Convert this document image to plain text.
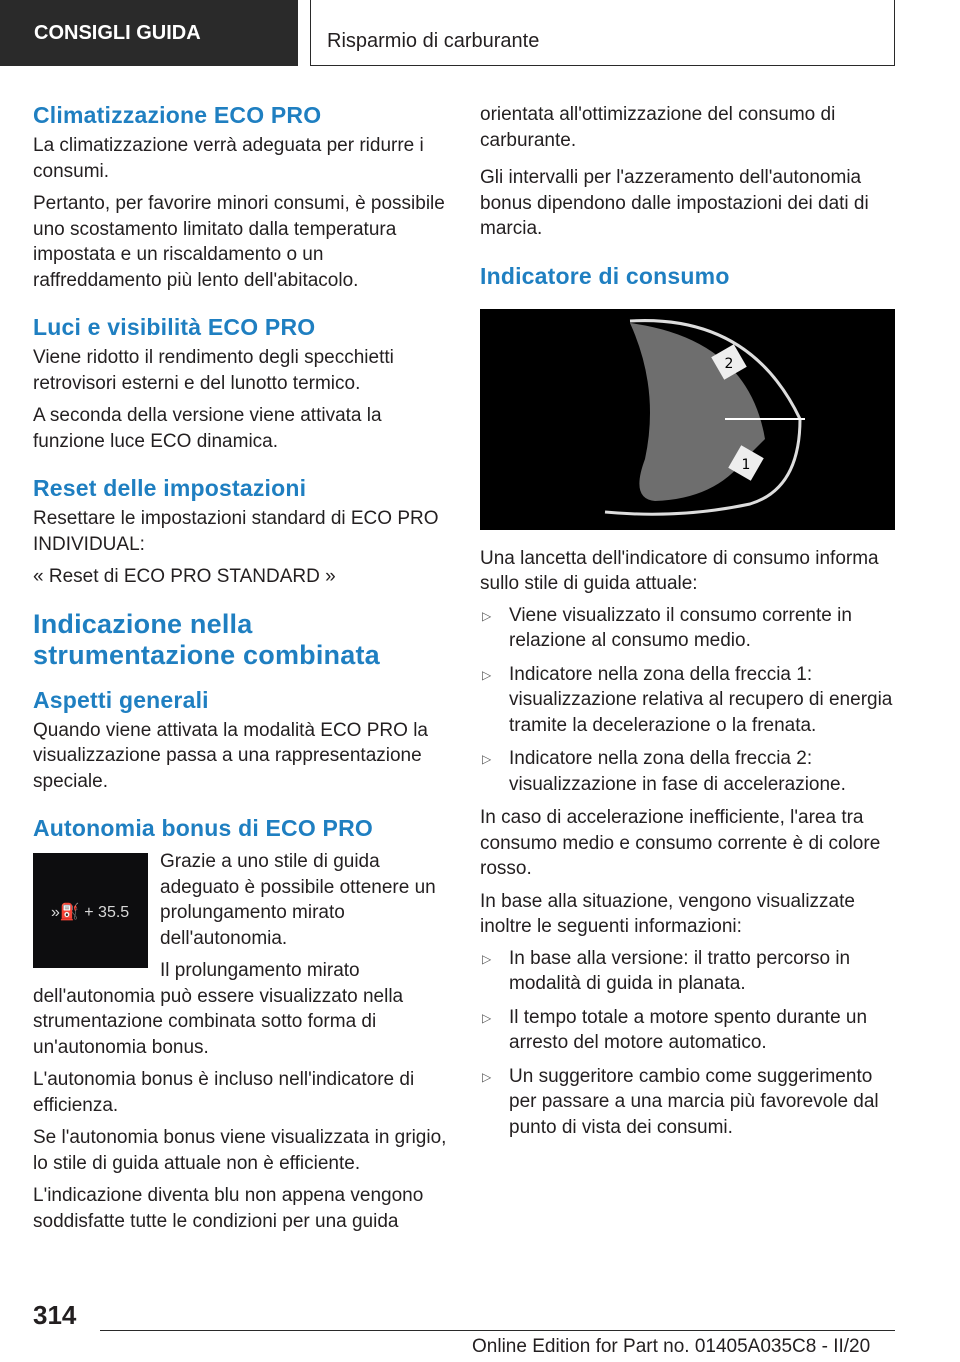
CONSIGLI GUIDA	Risparmio di carburante
Climatizzazione ECO PRO

La climatizzazione verrà adeguata per ridurre i consumi.

Pertanto, per favorire minori consumi, è possibile uno scostamento limitato dalla temperatura impostata e un riscaldamento o un raffreddamento più lento dell'abitacolo.

Luci e visibilità ECO PRO

Viene ridotto il rendimento degli specchietti retrovisori esterni e del lunotto termico.

A seconda della versione viene attivata la funzione luce ECO dinamica.

Reset delle impostazioni

Resettare le impostazioni standard di ECO PRO INDIVIDUAL:

« Reset di ECO PRO STANDARD »

Indicazione nella strumentazione combinata
Aspetti generali

Quando viene attivata la modalità ECO PRO la visualizzazione passa a una rappresentazione speciale.

Autonomia bonus di ECO PRO
»⛽ + 35.5

Grazie a uno stile di guida adeguato è possibile ottenere un prolungamento mirato dell'autonomia.

Il prolungamento mirato dell'autonomia può essere visualizzato nella strumentazione combinata sotto forma di un'autonomia bonus.

L'autonomia bonus è incluso nell'indicatore di efficienza.

Se l'autonomia bonus viene visualizzata in grigio, lo stile di guida attuale non è efficiente.

L'indicazione diventa blu non appena vengono soddisfatte tutte le condizioni per una guida

orientata all'ottimizzazione del consumo di carburante.

Gli intervalli per l'azzeramento dell'autonomia bonus dipendono dalle impostazioni dei dati di marcia.

Indicatore di consumo
2
1

Una lancetta dell'indicatore di consumo informa sullo stile di guida attuale:

▷ Viene visualizzato il consumo corrente in relazione al consumo medio.
▷ Indicatore nella zona della freccia 1: visualizzazione relativa al recupero di energia tramite la decelerazione o la frenata.
▷ Indicatore nella zona della freccia 2: visualizzazione in fase di accelerazione.

In caso di accelerazione inefficiente, l'area tra consumo medio e consumo corrente è di colore rosso.

In base alla situazione, vengono visualizzate inoltre le seguenti informazioni:

▷ In base alla versione: il tratto percorso in modalità di guida in planata.
▷ Il tempo totale a motore spento durante un arresto del motore automatico.
▷ Un suggeritore cambio come suggerimento per passare a una marcia più favorevole dal punto di vista dei consumi.
314
Online Edition for Part no. 01405A035C8 - II/20
